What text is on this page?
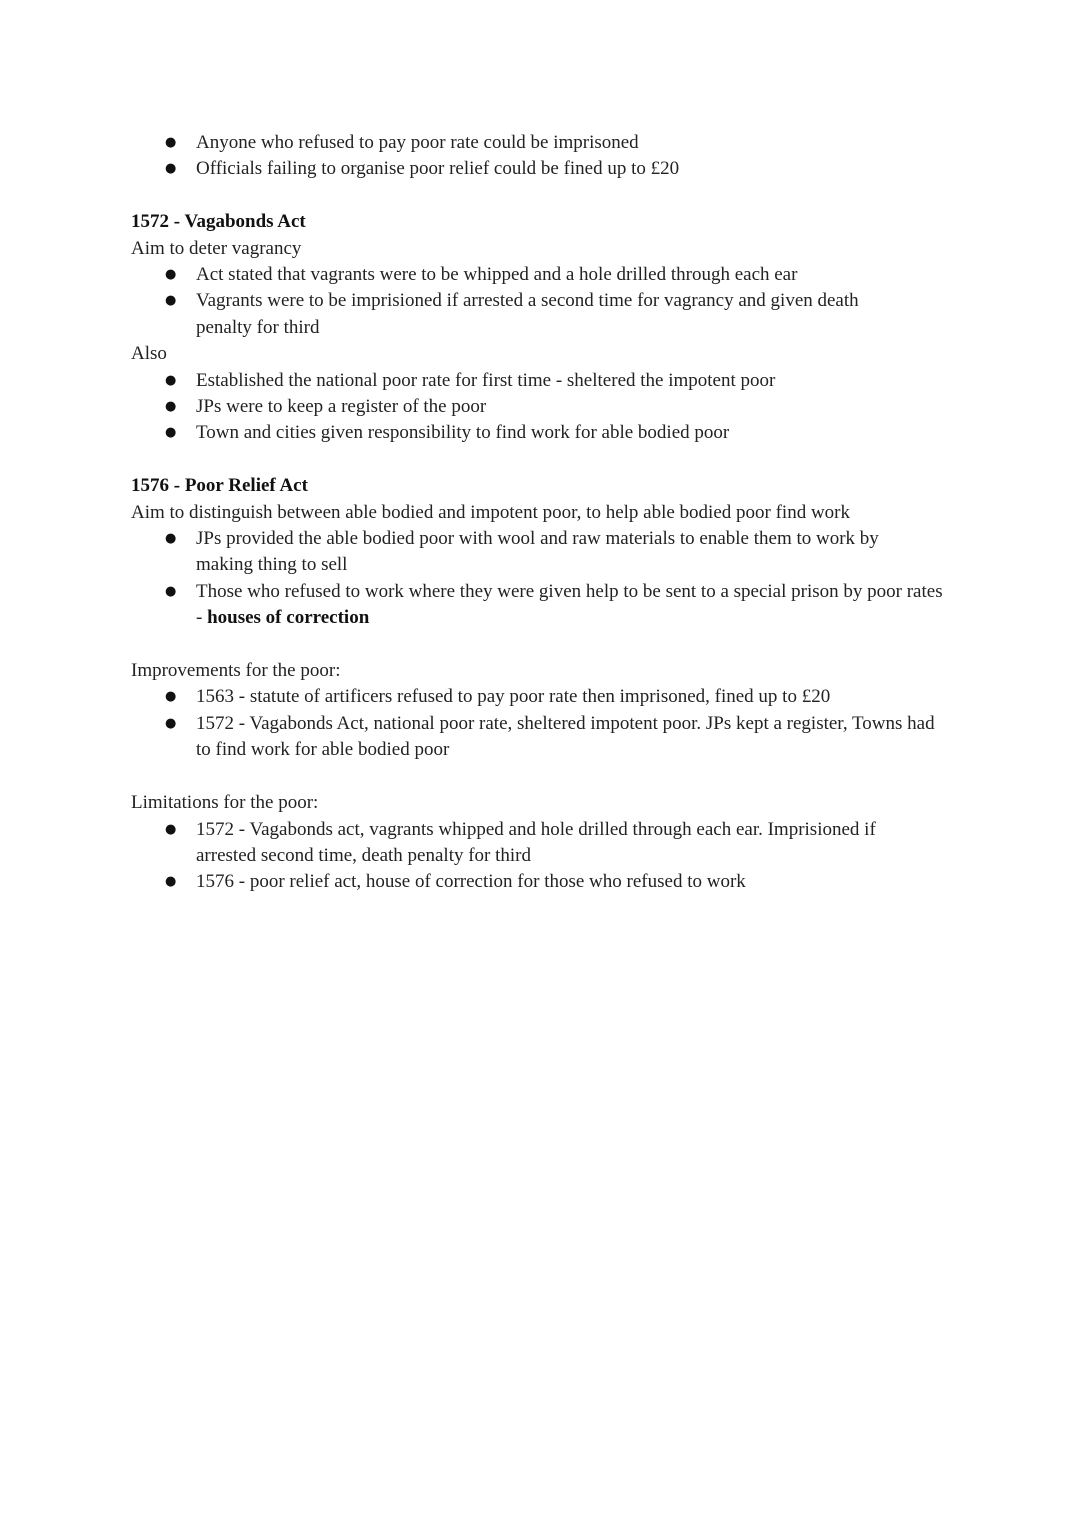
● Anyone who refused to pay poor rate could be imprisoned
● Officials failing to organise poor relief could be fined up to £20

1572 - Vagabonds Act

Aim to deter vagrancy

● Act stated that vagrants were to be whipped and a hole drilled through each ear
● Vagrants were to be imprisioned if arrested a second time for vagrancy and given death penalty for third

Also

● Established the national poor rate for first time - sheltered the impotent poor
● JPs were to keep a register of the poor
● Town and cities given responsibility to find work for able bodied poor

1576 - Poor Relief Act

Aim to distinguish between able bodied and impotent poor, to help able bodied poor find work

● JPs provided the able bodied poor with wool and raw materials to enable them to work by making thing to sell
● Those who refused to work where they were given help to be sent to a special prison by poor rates - houses of correction

Improvements for the poor:

● 1563 - statute of artificers refused to pay poor rate then imprisoned, fined up to £20
● 1572 - Vagabonds Act, national poor rate, sheltered impotent poor. JPs kept a register, Towns had to find work for able bodied poor

Limitations for the poor:

● 1572 - Vagabonds act, vagrants whipped and hole drilled through each ear. Imprisioned if arrested second time, death penalty for third
● 1576 - poor relief act, house of correction for those who refused to work
